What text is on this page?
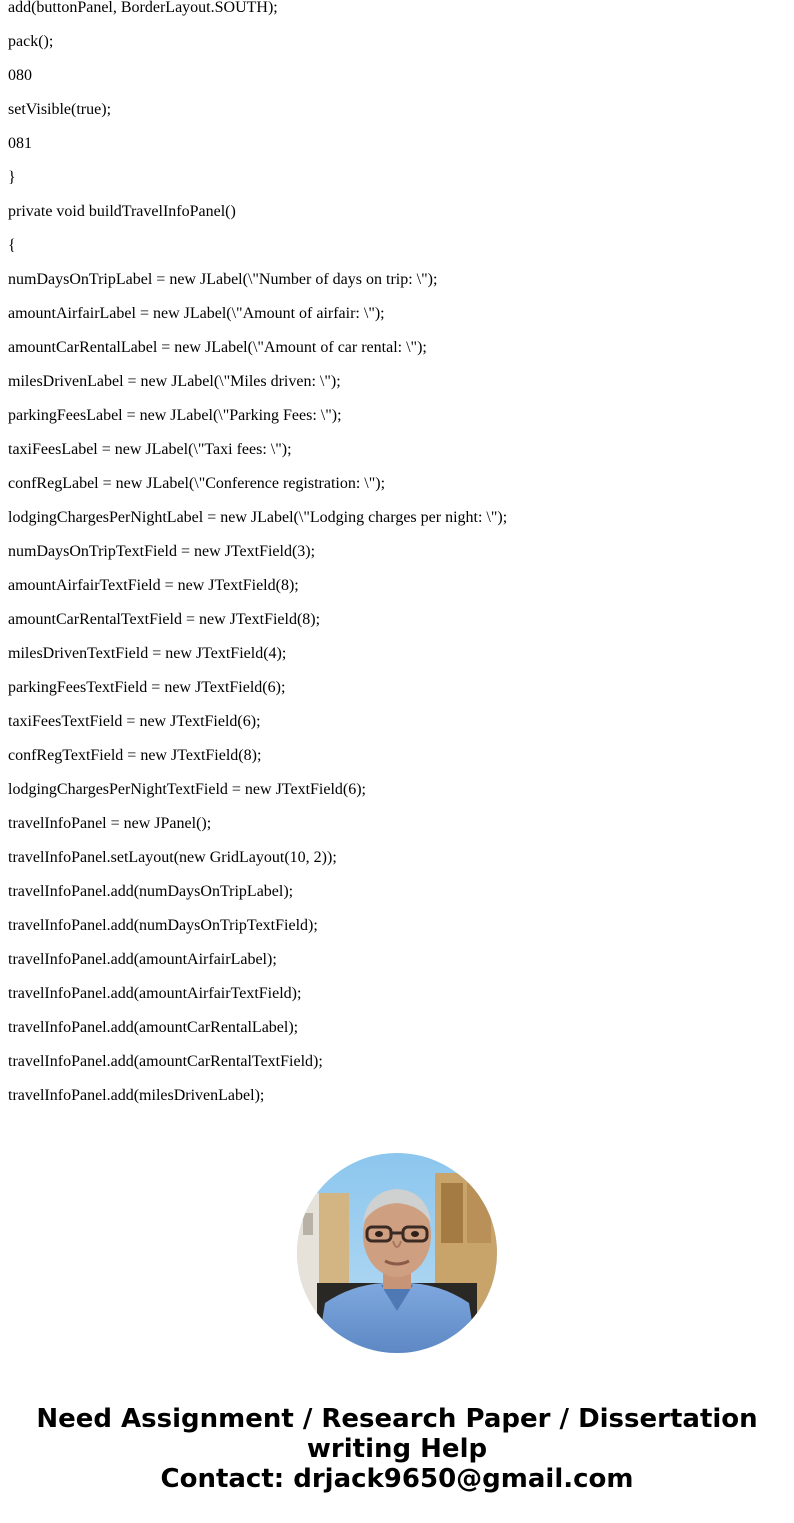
add(buttonPanel, BorderLayout.SOUTH);
pack();
080
setVisible(true);
081
}
private void buildTravelInfoPanel()
{
numDaysOnTripLabel = new JLabel(\"Number of days on trip: \");
amountAirfairLabel = new JLabel(\"Amount of airfair: \");
amountCarRentalLabel = new JLabel(\"Amount of car rental: \");
milesDrivenLabel = new JLabel(\"Miles driven: \");
parkingFeesLabel = new JLabel(\"Parking Fees: \");
taxiFeesLabel = new JLabel(\"Taxi fees: \");
confRegLabel = new JLabel(\"Conference registration: \");
lodgingChargesPerNightLabel = new JLabel(\"Lodging charges per night: \");
numDaysOnTripTextField = new JTextField(3);
amountAirfairTextField = new JTextField(8);
amountCarRentalTextField = new JTextField(8);
milesDrivenTextField = new JTextField(4);
parkingFeesTextField = new JTextField(6);
taxiFeesTextField = new JTextField(6);
confRegTextField = new JTextField(8);
lodgingChargesPerNightTextField = new JTextField(6);
travelInfoPanel = new JPanel();
travelInfoPanel.setLayout(new GridLayout(10, 2));
travelInfoPanel.add(numDaysOnTripLabel);
travelInfoPanel.add(numDaysOnTripTextField);
travelInfoPanel.add(amountAirfairLabel);
travelInfoPanel.add(amountAirfairTextField);
travelInfoPanel.add(amountCarRentalLabel);
travelInfoPanel.add(amountCarRentalTextField);
travelInfoPanel.add(milesDrivenLabel);
Need Assignment / Research Paper / Dissertation
writing Help
Contact: drjack9650@gmail.com
